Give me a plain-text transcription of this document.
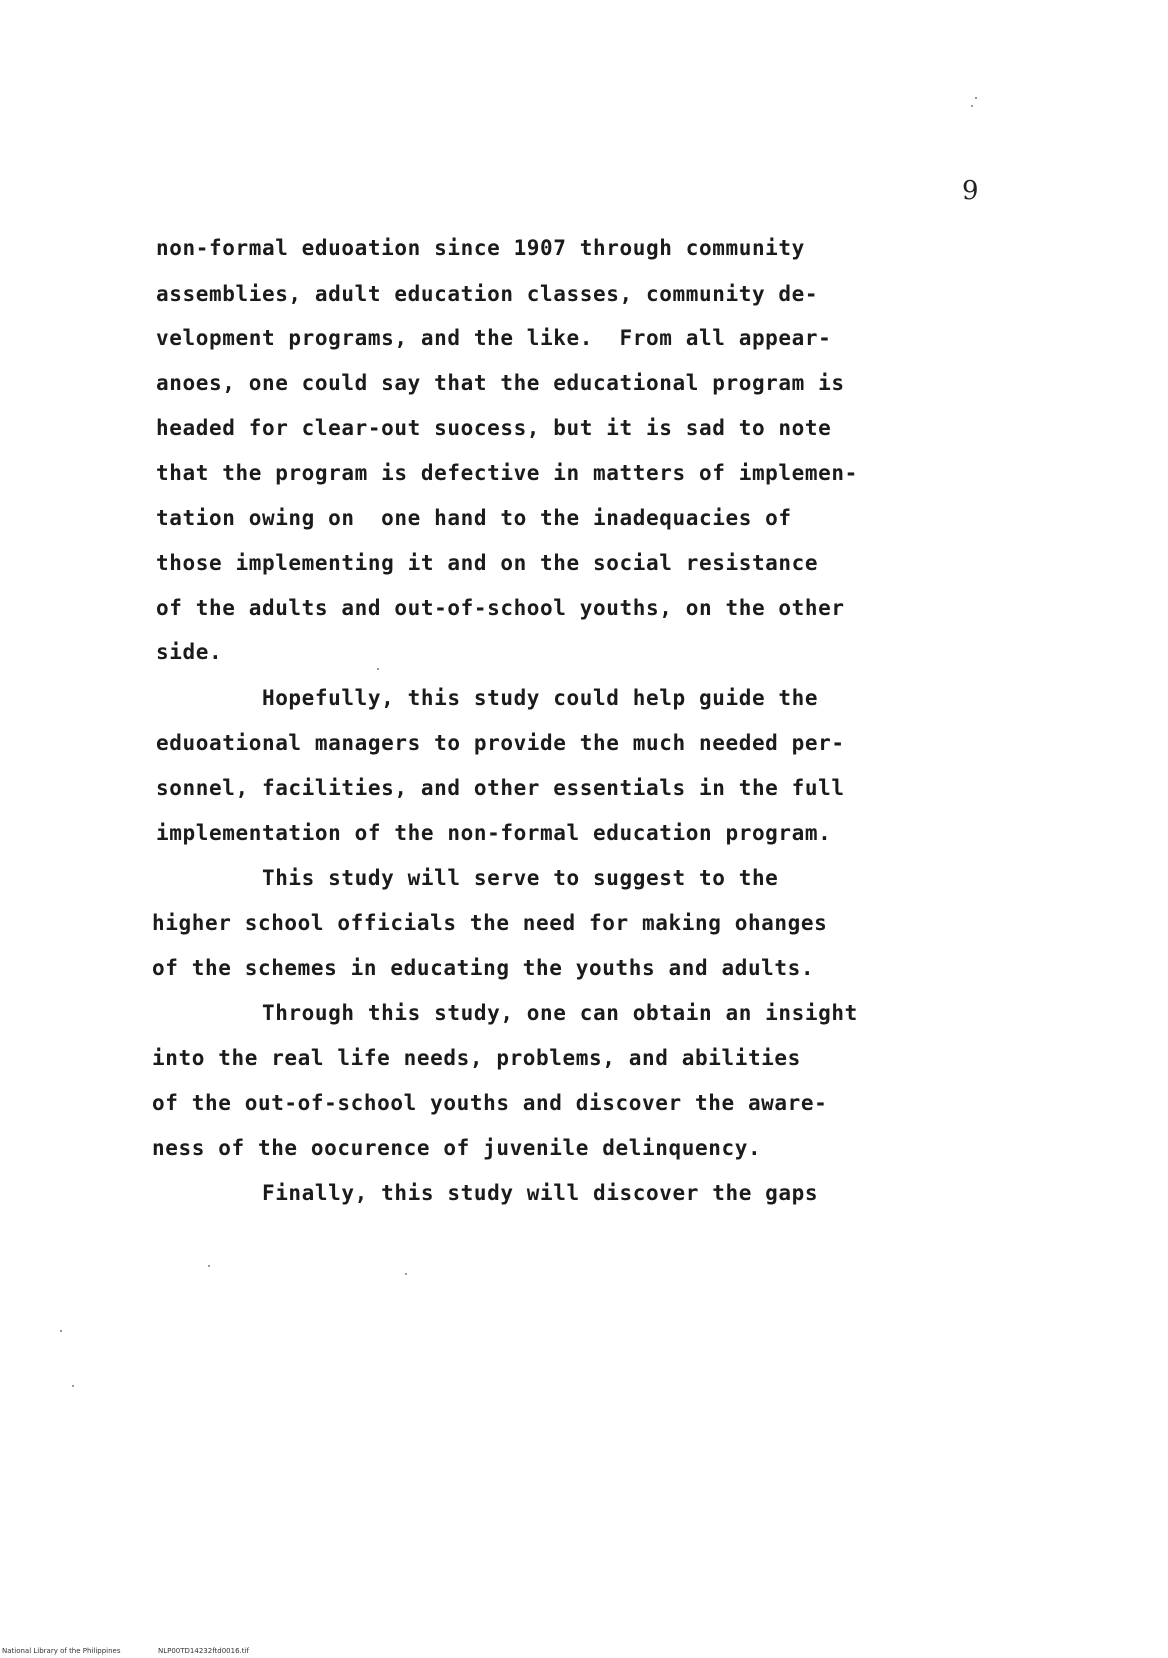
9
non-formal eduoation since 1907 through community
assemblies, adult education classes, community de-
velopment programs, and the like.  From all appear-
anoes, one could say that the educational program is
headed for clear-out suocess, but it is sad to note
that the program is defective in matters of implemen-
tation owing on  one hand to the inadequacies of
those implementing it and on the social resistance
of the adults and out-of-school youths, on the other
side.
Hopefully, this study could help guide the
eduoational managers to provide the much needed per-
sonnel, facilities, and other essentials in the full
implementation of the non-formal education program.
This study will serve to suggest to the
higher school officials the need for making ohanges
of the schemes in educating the youths and adults.
Through this study, one can obtain an insight
into the real life needs, problems, and abilities
of the out-of-school youths and discover the aware-
ness of the oocurence of juvenile delinquency.
Finally, this study will discover the gaps
National Library of the Philippines	NLP00TD14232ftd0016.tif
